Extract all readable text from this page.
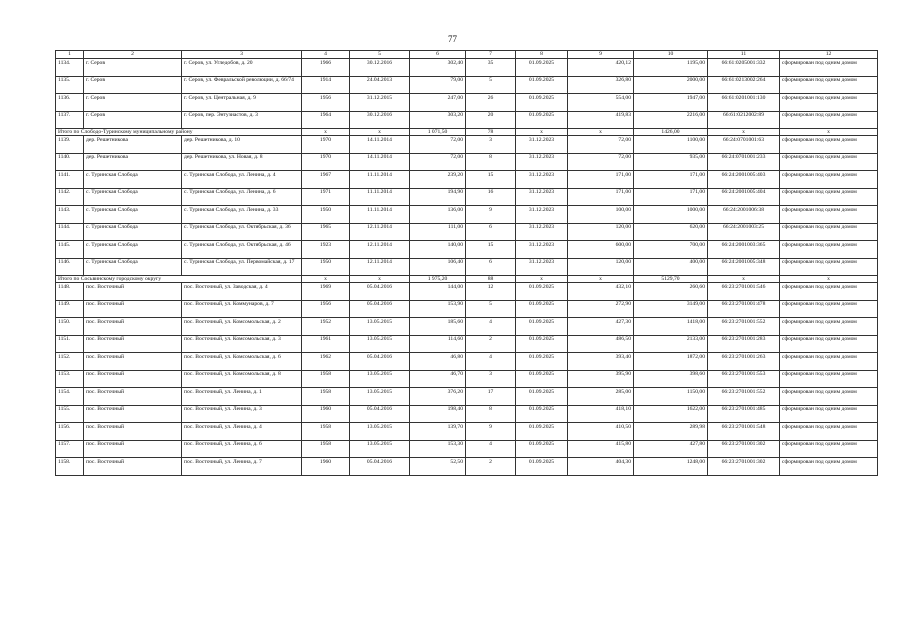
77
1	2	3	4	5	6	7	8	9	10	11	12
1134.	г. Серов	г. Серов, ул. Угледобов, д. 20	1966	30.12.2016	302,40	35	01.09.2025	420,12	1195,00	66:61:0205001:332	сформирован под одним домом
1135.	г. Серов	г. Серов, ул. Февральской революции, д. 66/74	1914	24.04.2013	79,00	5	01.09.2025	326,80	2000,00	66:61:0213002:264	сформирован под одним домом
1136.	г. Серов	г. Серов, ул. Центральная, д. 9	1956	31.12.2015	247,00	26	01.09.2025	554,00	1947,00	66:61:0201001:130	сформирован под одним домом
1137.	г. Серов	г. Серов, пер. Энтузиастов, д. 3	1964	30.12.2016	303,20	20	01.09.2025	419,83	2216,00	66:61:0212002:89	сформирован под одним домом
Итого по Слободо-Туринскому муниципальному району			x	x	1 071,50	78	x	x	1426,00	x	x
1139.	дер. Решетникова	дер. Решетникова, д. 10	1970	14.11.2014	72,00	3	31.12.2023	72,00	1100,00	66:24:0701001:63	сформирован под одним домом
1140.	дер. Решетникова	дер. Решетникова, ул. Новая, д. 8	1970	14.11.2014	72,00	8	31.12.2023	72,00	935,00	66:24:0701001:233	сформирован под одним домом
1141.	с. Туринская Слобода	с. Туринская Слобода, ул. Ленина, д. 4	1967	11.11.2014	239,20	15	31.12.2023	171,00	171,00	66:24:2001005:403	сформирован под одним домом
1142.	с. Туринская Слобода	с. Туринская Слобода, ул. Ленина, д. 6	1971	11.11.2014	194,90	16	31.12.2023	171,00	171,00	66:24:2001005:404	сформирован под одним домом
1143.	с. Туринская Слобода	с. Туринская Слобода, ул. Ленина, д. 33	1950	11.11.2014	136,00	9	31.12.2023	100,00	1000,00	66:24:2001006:38	сформирован под одним домом
1144.	с. Туринская Слобода	с. Туринская Слобода, ул. Октябрьская, д. 36	1965	12.11.2014	111,00	6	31.12.2023	120,00	620,00	66:24:2001003:25	сформирован под одним домом
1145.	с. Туринская Слобода	с. Туринская Слобода, ул. Октябрьская, д. 46	1923	12.11.2014	140,00	15	31.12.2023	600,00	700,00	66:24:2001003:365	сформирован под одним домом
1146.	с. Туринская Слобода	с. Туринская Слобода, ул. Первомайская, д. 17	1950	12.11.2014	106,40	6	31.12.2023	120,00	400,00	66:24:2001005:348	сформирован под одним домом
Итого по Сосьвинскому городскому округу			x	x	1 975,20	88	x	x	5129,70	x	x
1148.	пос. Восточный	пос. Восточный, ул. Заводская, д. 4	1969	05.04.2016	144,00	12	01.09.2025	432,10	260,60	66:23:2701001:546	сформирован под одним домом
1149.	пос. Восточный	пос. Восточный, ул. Коммунаров, д. 7	1956	05.04.2016	153,90	5	01.09.2025	272,90	3149,00	66:23:2701001:478	сформирован под одним домом
1150.	пос. Восточный	пос. Восточный, ул. Комсомольская, д. 2	1952	13.05.2015	185,60	4	01.09.2025	427,30	1418,00	66:23:2701001:552	сформирован под одним домом
1151.	пос. Восточный	пос. Восточный, ул. Комсомольская, д. 3	1961	13.05.2015	114,60	2	01.09.2025	486,50	2133,00	66:23:2701001:283	сформирован под одним домом
1152.	пос. Восточный	пос. Восточный, ул. Комсомольская, д. 6	1962	05.04.2016	46,80	4	01.09.2025	393,40	1872,00	66:23:2701001:263	сформирован под одним домом
1153.	пос. Восточный	пос. Восточный, ул. Комсомольская, д. 8	1958	13.05.2015	46,70	3	01.09.2025	395,90	398,60	66:23:2701001:553	сформирован под одним домом
1154.	пос. Восточный	пос. Восточный, ул. Ленина, д. 1	1958	13.05.2015	376,20	17	01.09.2025	285,00	1150,00	66:23:2701001:552	сформирован под одним домом
1155.	пос. Восточный	пос. Восточный, ул. Ленина, д. 3	1960	05.04.2016	198,40	8	01.09.2025	418,10	1622,00	66:23:2701001:485	сформирован под одним домом
1156.	пос. Восточный	пос. Восточный, ул. Ленина, д. 4	1958	13.05.2015	139,70	9	01.09.2025	410,50	289,98	66:23:2701001:548	сформирован под одним домом
1157.	пос. Восточный	пос. Восточный, ул. Ленина, д. 6	1958	13.05.2015	153,30	4	01.09.2025	415,80	427,80	66:23:2701001:302	сформирован под одним домом
1158.	пос. Восточный	пос. Восточный, ул. Ленина, д. 7	1960	05.04.2016	52,50	2	01.09.2025	404,30	1248,00	66:23:2701001:302	сформирован под одним домом
